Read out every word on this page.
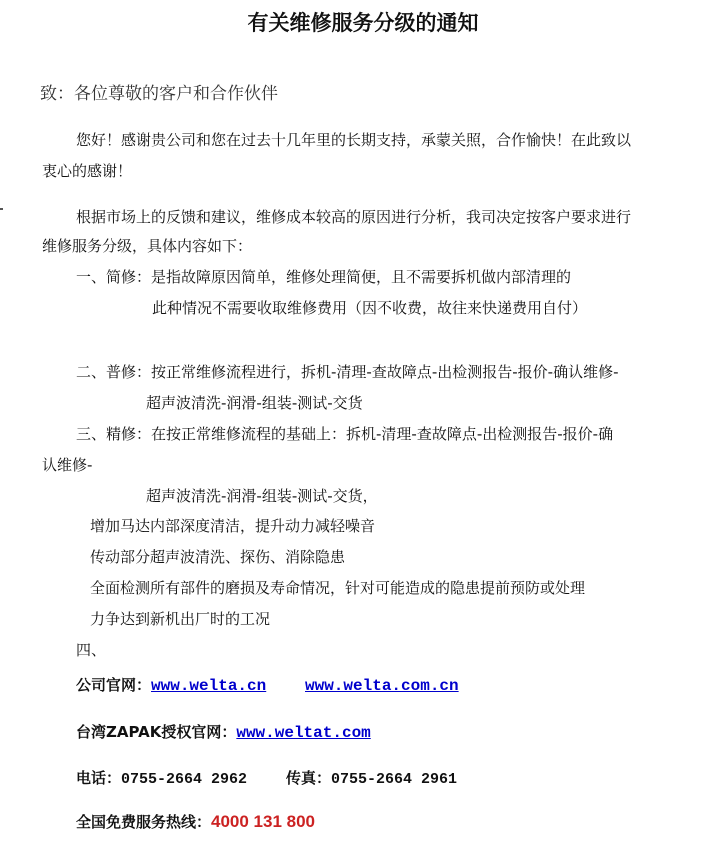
有关维修服务分级的通知
致：各位尊敬的客户和合作伙伴
您好！感谢贵公司和您在过去十几年里的长期支持，承蒙关照，合作愉快！在此致以
衷心的感谢！
根据市场上的反馈和建议，维修成本较高的原因进行分析，我司决定按客户要求进行
维修服务分级，具体内容如下：
一、简修：是指故障原因简单，维修处理简便，且不需要拆机做内部清理的
此种情况不需要收取维修费用（因不收费，故往来快递费用自付）
二、普修：按正常维修流程进行，拆机-清理-查故障点-出检测报告-报价-确认维修-
超声波清洗-润滑-组装-测试-交货
三、精修：在按正常维修流程的基础上：拆机-清理-查故障点-出检测报告-报价-确
认维修-
超声波清洗-润滑-组装-测试-交货，
增加马达内部深度清洁，提升动力减轻噪音
传动部分超声波清洗、探伤、消除隐患
全面检测所有部件的磨损及寿命情况，针对可能造成的隐患提前预防或处理
力争达到新机出厂时的工况
四、
公司官网：www.welta.cn www.welta.com.cn
台湾ZAPAK授权官网：www.weltat.com
电话：0755-2664 2962	传真：0755-2664 2961
全国免费服务热线：4000 131 800
